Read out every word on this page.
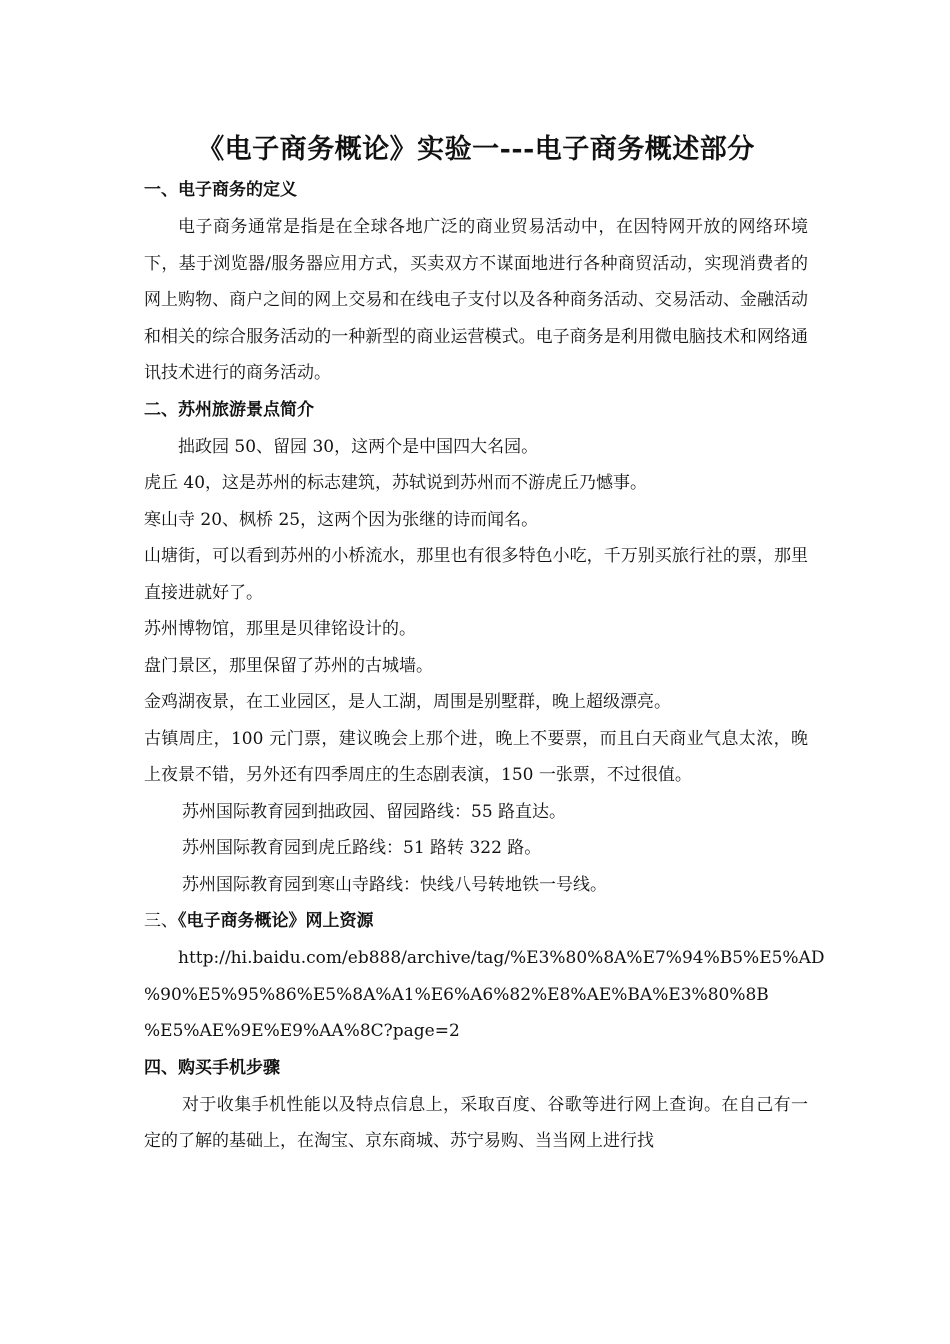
《电子商务概论》实验一---电子商务概述部分
一、电子商务的定义
电子商务通常是指是在全球各地广泛的商业贸易活动中，在因特网开放的网络环境下，基于浏览器/服务器应用方式，买卖双方不谋面地进行各种商贸活动，实现消费者的网上购物、商户之间的网上交易和在线电子支付以及各种商务活动、交易活动、金融活动和相关的综合服务活动的一种新型的商业运营模式。电子商务是利用微电脑技术和网络通讯技术进行的商务活动。
二、苏州旅游景点简介
拙政园 50、留园 30，这两个是中国四大名园。
虎丘 40，这是苏州的标志建筑，苏轼说到苏州而不游虎丘乃憾事。
寒山寺 20、枫桥 25，这两个因为张继的诗而闻名。
山塘街，可以看到苏州的小桥流水，那里也有很多特色小吃，千万别买旅行社的票，那里直接进就好了。
苏州博物馆，那里是贝律铭设计的。
盘门景区，那里保留了苏州的古城墙。
金鸡湖夜景，在工业园区，是人工湖，周围是别墅群，晚上超级漂亮。
古镇周庄，100 元门票，建议晚会上那个进，晚上不要票，而且白天商业气息太浓，晚上夜景不错，另外还有四季周庄的生态剧表演，150 一张票，不过很值。
苏州国际教育园到拙政园、留园路线：55 路直达。
苏州国际教育园到虎丘路线：51 路转 322 路。
苏州国际教育园到寒山寺路线：快线八号转地铁一号线。
三、《电子商务概论》网上资源
http://hi.baidu.com/eb888/archive/tag/%E3%80%8A%E7%94%B5%E5%AD
%90%E5%95%86%E5%8A%A1%E6%A6%82%E8%AE%BA%E3%80%8B
%E5%AE%9E%E9%AA%8C?page=2
四、购买手机步骤
对于收集手机性能以及特点信息上，采取百度、谷歌等进行网上查询。在自己有一定的了解的基础上，在淘宝、京东商城、苏宁易购、当当网上进行找
